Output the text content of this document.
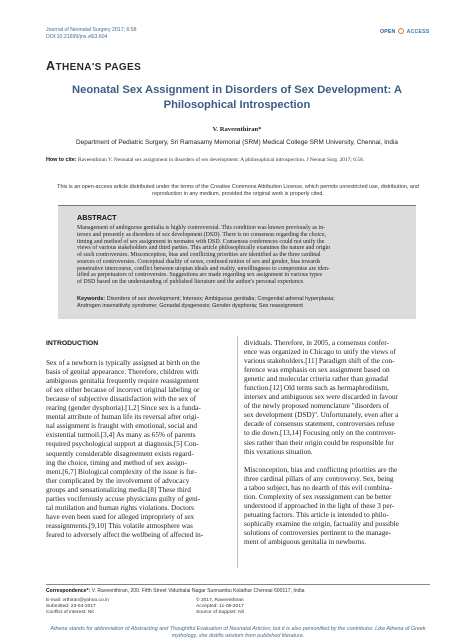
Journal of Neonatal Surgery 2017; 6:58
DOI:10.21699/jns.v6i3.604
OPEN ACCESS
ATHENA'S PAGES
Neonatal Sex Assignment in Disorders of Sex Development: A
Philosophical Introspection
V. Raveenthiran*
Department of Pediatric Surgery, Sri Ramasamy Memorial (SRM) Medical College SRM University, Chennai, India
How to cite: Raveenthiran V. Neonatal sex assignment in disorders of sex development: A philosophical introspection. J Neonat Surg. 2017; 6:58.
This is an open-access article distributed under the terms of the Creative Commons Attribution License, which permits unrestricted use, distribution, and reproduction in any medium, provided the original work is properly cited.
ABSTRACT
Management of ambiguous genitalia is highly controversial. This condition was known previously as in-
tersex and presently as disorders of sex development (DSD). There is no consensus regarding the choice,
timing and method of sex assignment in neonates with DSD. Consensus conferences could not unify the
views of various stakeholders and third parties. This article philosophically examines the nature and origin
of such controversies. Misconception, bias and conflicting priorities are identified as the three cardinal
sources of controversies. Conceptual duality of sexes, confused notion of sex and gender, bias towards
penetrative intercourse, conflict between utopian ideals and reality, unwillingness to compromise are iden-
tified as perpetuators of controversies. Suggestions are made regarding sex assignment in various types
of DSD based on the understanding of published literature and the author's personal experience.
Keywords: Disorders of sex development; Intersex; Ambiguous genitalia; Congenital adrenal hyperplasia;
Androgen insensitivity syndrome; Gonadal dysgenesis; Gender dysphoria; Sex reassignment
INTRODUCTION
Sex of a newborn is typically assigned at birth on the
basis of genital appearance. Therefore, children with
ambiguous genitalia frequently require reassignment
of sex either because of incorrect original labeling or
because of subjective dissatisfaction with the sex of
rearing (gender dysphoria).[1,2] Since sex is a funda-
mental attribute of human life its reversal after origi-
nal assignment is fraught with emotional, social and
existential turmoil.[3,4] As many as 65% of parents
required psychological support at diagnosis.[5] Con-
sequently considerable disagreement exists regard-
ing the choice, timing and method of sex assign-
ment.[6,7] Biological complexity of the issue is fur-
ther complicated by the involvement of advocacy
groups and sensationalizing media.[8] These third
parties vociferously accuse physicians guilty of geni-
tal mutilation and human rights violations. Doctors
have even been sued for alleged impropriety of sex
reassignments.[9,10] This volatile atmosphere was
feared to adversely affect the wellbeing of affected in-
dividuals. Therefore, in 2005, a consensus confer-
ence was organized in Chicago to unify the views of
various stakeholders.[11] Paradigm shift of the con-
ference was emphasis on sex assignment based on
genetic and molecular criteria rather than gonadal
function.[12] Old terms such as hermaphroditism,
intersex and ambiguous sex were discarded in favour
of the newly proposed nomenclature "disorders of
sex development (DSD)". Unfortunately, even after a
decade of consensus statement, controversies refuse
to die down.[13,14] Focusing only on the controver-
sies rather than their origin could be responsible for
this vexatious situation.
Misconception, bias and conflicting priorities are the
three cardinal pillars of any controversy. Sex, being
a taboo subject, has no dearth of this evil combina-
tion. Complexity of sex reassignment can be better
understood if approached in the light of these 3 per-
petuating factors. This article is intended to philo-
sophically examine the origin, factuality and possible
solutions of controversies pertinent to the manage-
ment of ambiguous genitalia in newborns.
Correspondence*: V. Raveenthiran, 200. Fifth Street Viduthalai Nagar Sunnambu Kolathur Chennai 600117, India
E-mail: vrthiran@yahoo.co.in
Submitted: 23-04-2017
Conflict of interest: Nil
© 2017, Raveenthiran
Accepted: 11-06-2017
Source of Support: Nil
Athena stands for abbreviation of Abstracting and Thoughtful Evaluation of Neonatal Articles; but it is also personified by the contributor. Like Athena of Greek mythology, she distills wisdom from published literature.
